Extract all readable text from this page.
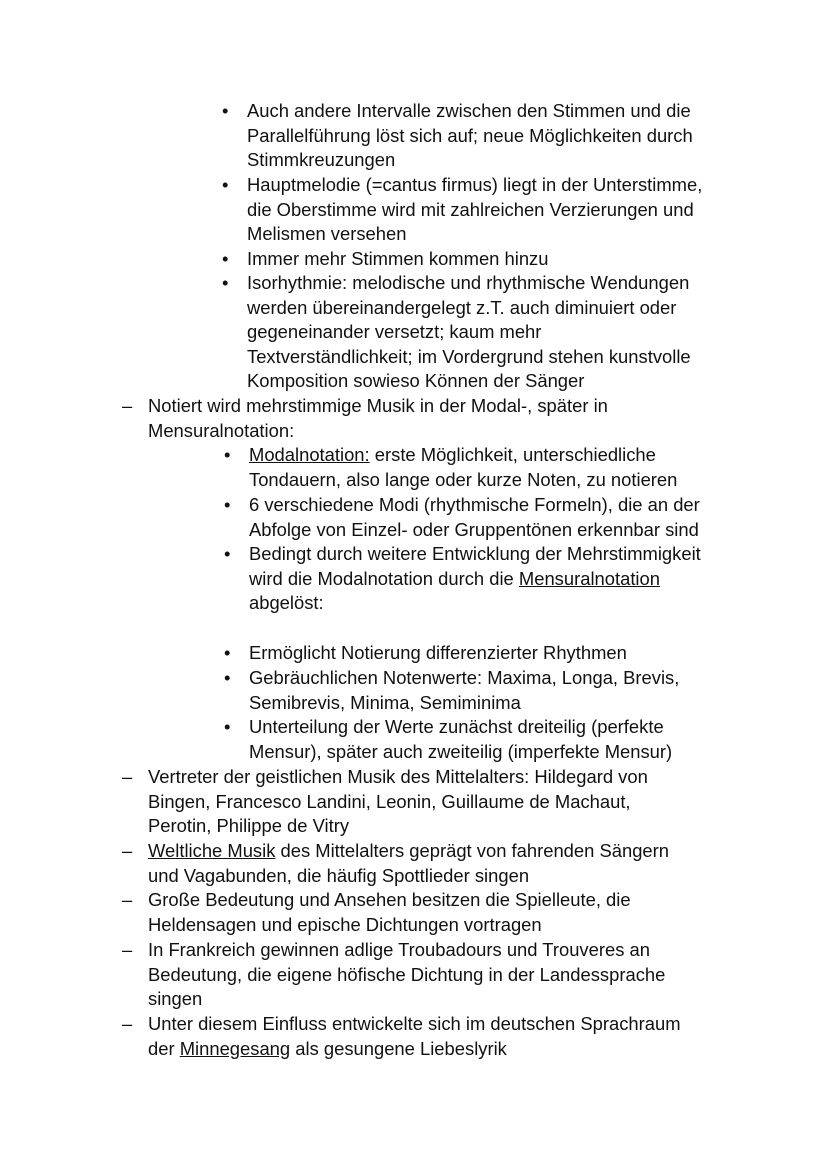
• Auch andere Intervalle zwischen den Stimmen und die
Parallelführung löst sich auf; neue Möglichkeiten durch
Stimmkreuzungen
• Hauptmelodie (=cantus firmus) liegt in der Unterstimme,
die Oberstimme wird mit zahlreichen Verzierungen und
Melismen versehen
• Immer mehr Stimmen kommen hinzu
• Isorhythmie: melodische und rhythmische Wendungen
werden übereinandergelegt z.T. auch diminuiert oder
gegeneinander versetzt; kaum mehr
Textverständlichkeit; im Vordergrund stehen kunstvolle
Komposition sowieso Können der Sänger
– Notiert wird mehrstimmige Musik in der Modal-, später in
Mensuralnotation:
• Modalnotation: erste Möglichkeit, unterschiedliche
Tondauern, also lange oder kurze Noten, zu notieren
• 6 verschiedene Modi (rhythmische Formeln), die an der
Abfolge von Einzel- oder Gruppentönen erkennbar sind
• Bedingt durch weitere Entwicklung der Mehrstimmigkeit
wird die Modalnotation durch die Mensuralnotation
abgelöst:
• Ermöglicht Notierung differenzierter Rhythmen
• Gebräuchlichen Notenwerte: Maxima, Longa, Brevis,
Semibrevis, Minima, Semiminima
• Unterteilung der Werte zunächst dreiteilig (perfekte
Mensur), später auch zweiteilig (imperfekte Mensur)
– Vertreter der geistlichen Musik des Mittelalters: Hildegard von
Bingen, Francesco Landini, Leonin, Guillaume de Machaut,
Perotin, Philippe de Vitry
– Weltliche Musik des Mittelalters geprägt von fahrenden Sängern
und Vagabunden, die häufig Spottlieder singen
– Große Bedeutung und Ansehen besitzen die Spielleute, die
Heldensagen und epische Dichtungen vortragen
– In Frankreich gewinnen adlige Troubadours und Trouveres an
Bedeutung, die eigene höfische Dichtung in der Landessprache
singen
– Unter diesem Einfluss entwickelte sich im deutschen Sprachraum
der Minnegesang als gesungene Liebeslyrik
